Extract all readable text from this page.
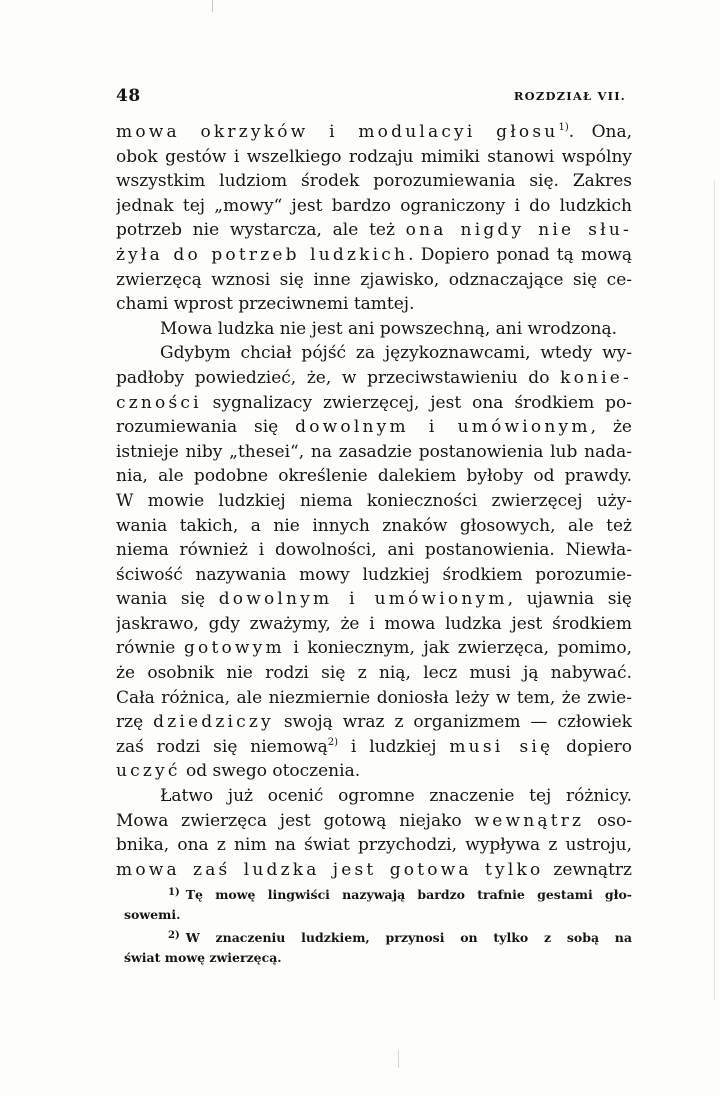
48	ROZDZIAŁ VII.
mowa okrzyków i modulacyi głosu$^{1)}$. Ona,
obok gestów i wszelkiego rodzaju mimiki stanowi wspólny
wszystkim ludziom środek porozumiewania się. Zakres
jednak tej „mowy“ jest bardzo ograniczony i do ludzkich
potrzeb nie wystarcza, ale też ona nigdy nie słu-
żyła do potrzeb ludzkich. Dopiero ponad tą mową
zwierzęcą wznosi się inne zjawisko, odznaczające się ce-
chami wprost przeciwnemi tamtej.
Mowa ludzka nie jest ani powszechną, ani wrodzoną.
Gdybym chciał pójść za językoznawcami, wtedy wy-
padłoby powiedzieć, że, w przeciwstawieniu do konie-
czności sygnalizacy zwierzęcej, jest ona środkiem po-
rozumiewania się dowolnym i umówionym, że
istnieje niby „thesei“, na zasadzie postanowienia lub nada-
nia, ale podobne określenie dalekiem byłoby od prawdy.
W mowie ludzkiej niema konieczności zwierzęcej uży-
wania takich, a nie innych znaków głosowych, ale też
niema również i dowolności, ani postanowienia. Niewła-
ściwość nazywania mowy ludzkiej środkiem porozumie-
wania się dowolnym i umówionym, ujawnia się
jaskrawo, gdy zważymy, że i mowa ludzka jest środkiem
równie gotowym i koniecznym, jak zwierzęca, pomimo,
że osobnik nie rodzi się z nią, lecz musi ją nabywać.
Cała różnica, ale niezmiernie doniosła leży w tem, że zwie-
rzę dziedziczy swoją wraz z organizmem — człowiek
zaś rodzi się niemową$^{2)}$ i ludzkiej musi się dopiero
uczyć od swego otoczenia.
Łatwo już ocenić ogromne znaczenie tej różnicy.
Mowa zwierzęca jest gotową niejako wewnątrz oso-
bnika, ona z nim na świat przychodzi, wypływa z ustroju,
mowa zaś ludzka jest gotowa tylko zewnątrz
$^{1)}$ Tę mowę lingwiści nazywają bardzo trafnie gestami gło-
sowemi.
$^{2)}$ W znaczeniu ludzkiem, przynosi on tylko z sobą na
świat mowę zwierzęcą.
